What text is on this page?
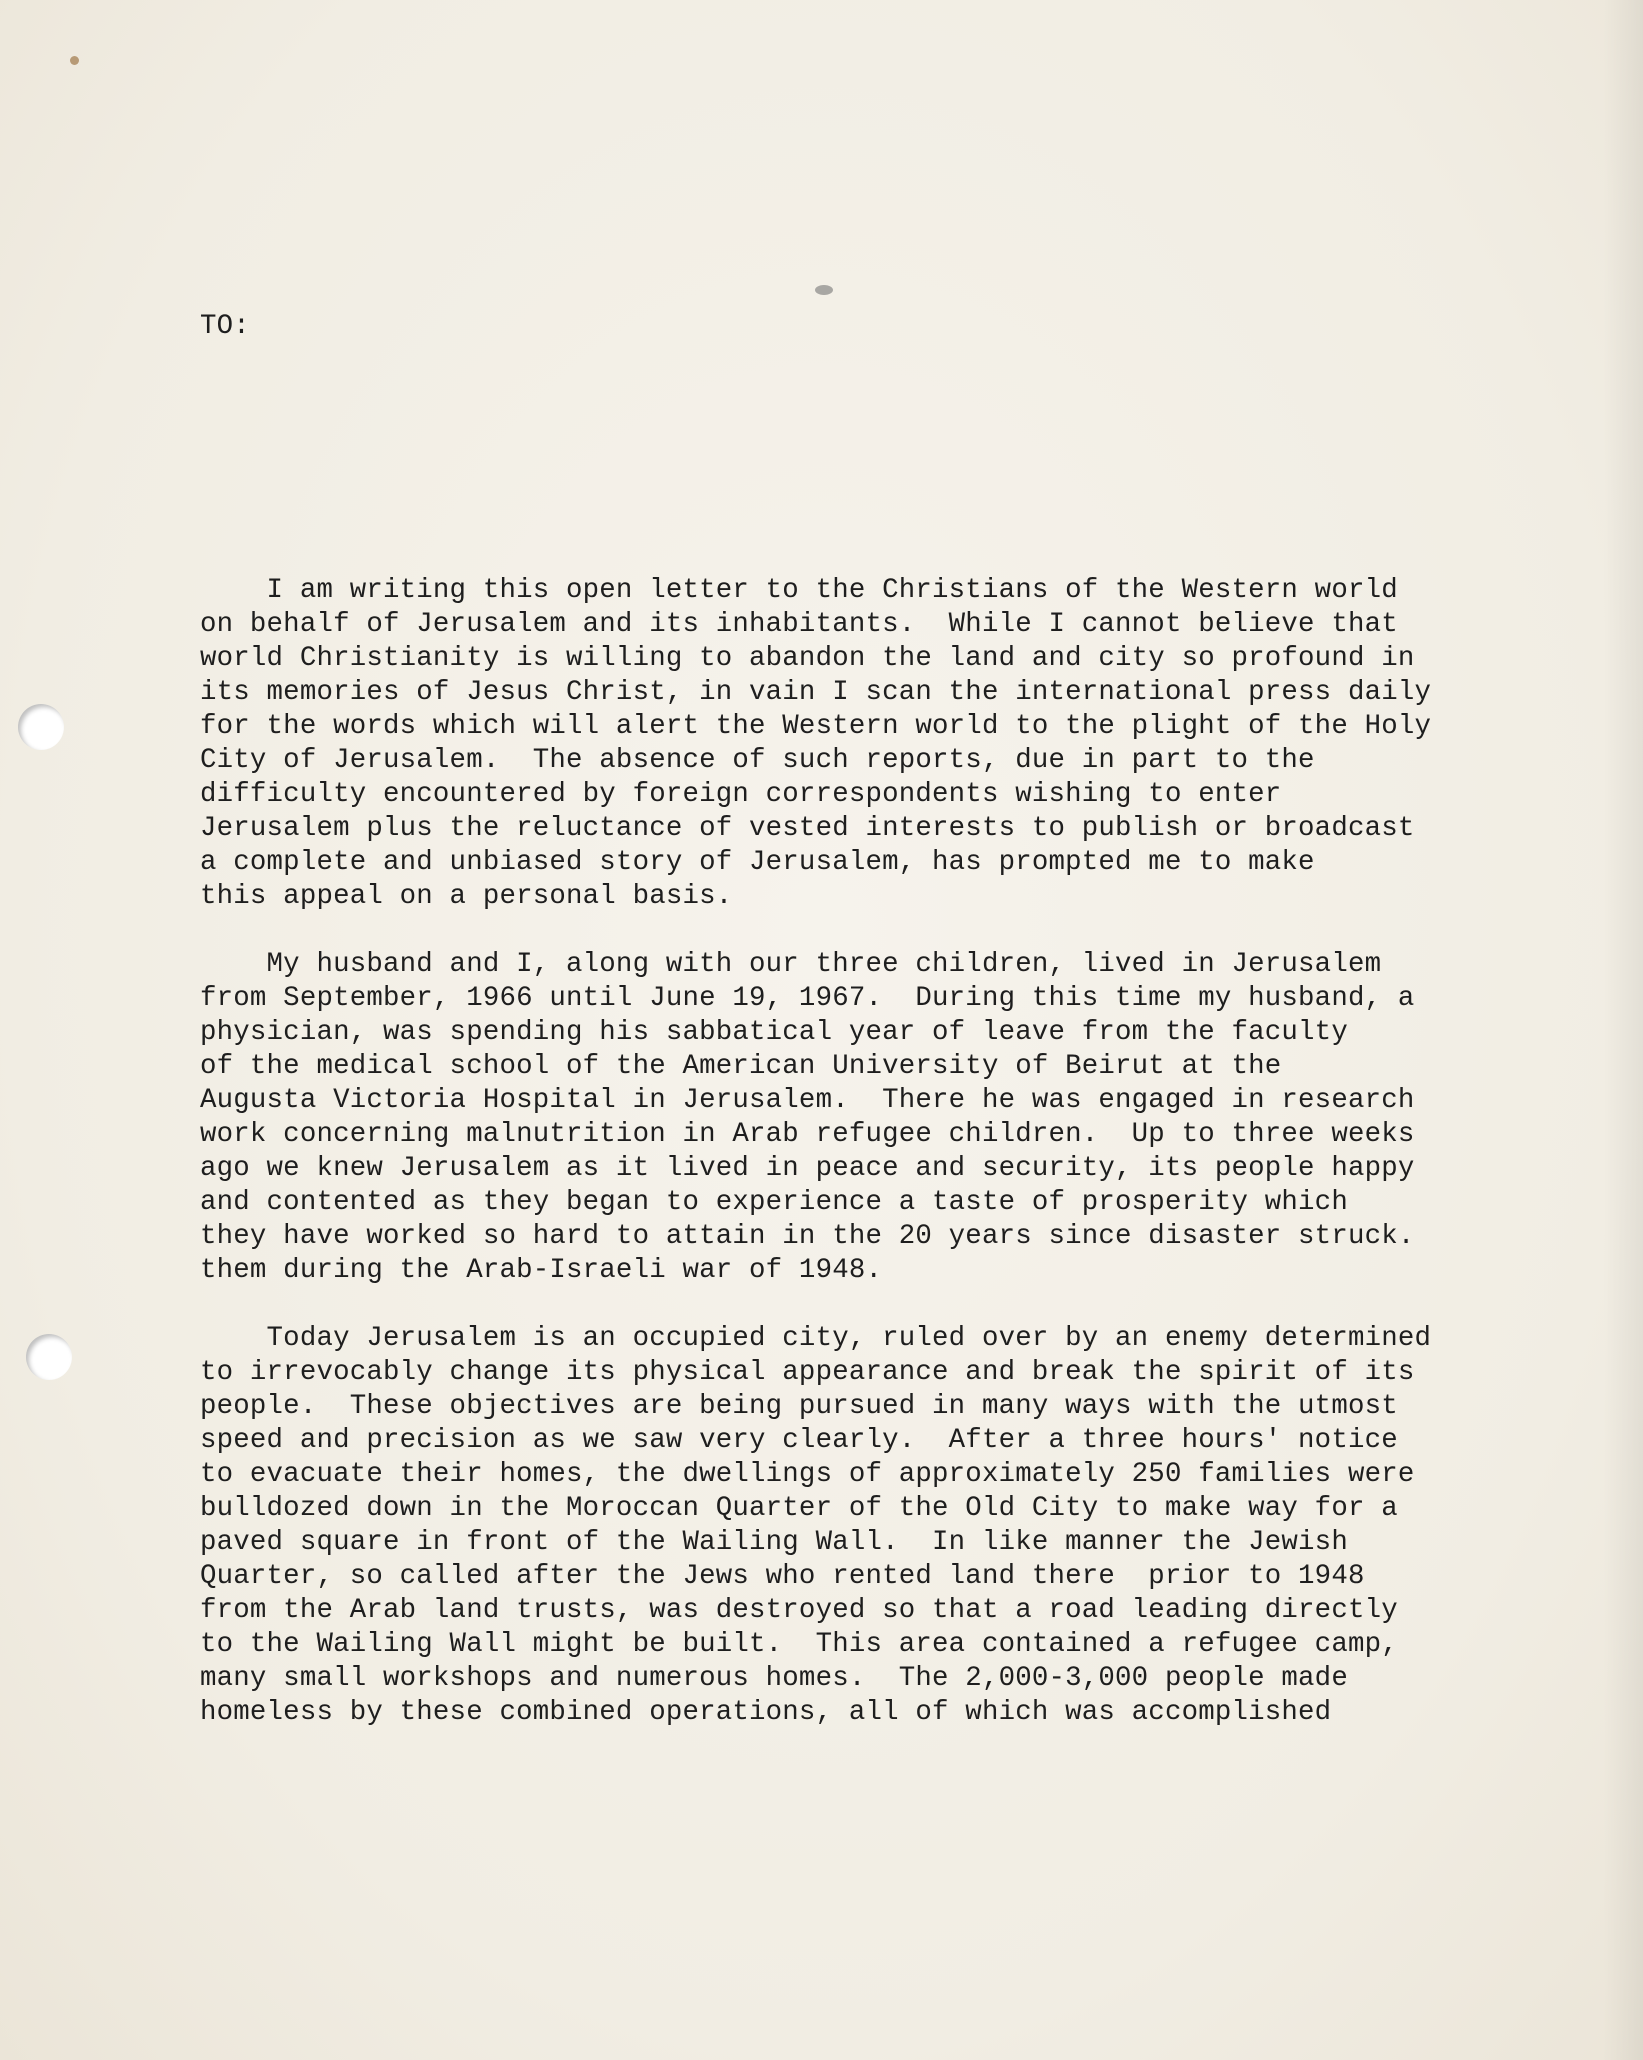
TO:
I am writing this open letter to the Christians of the Western world
on behalf of Jerusalem and its inhabitants.  While I cannot believe that
world Christianity is willing to abandon the land and city so profound in
its memories of Jesus Christ, in vain I scan the international press daily
for the words which will alert the Western world to the plight of the Holy
City of Jerusalem.  The absence of such reports, due in part to the
difficulty encountered by foreign correspondents wishing to enter
Jerusalem plus the reluctance of vested interests to publish or broadcast
a complete and unbiased story of Jerusalem, has prompted me to make
this appeal on a personal basis.
My husband and I, along with our three children, lived in Jerusalem
from September, 1966 until June 19, 1967.  During this time my husband, a
physician, was spending his sabbatical year of leave from the faculty
of the medical school of the American University of Beirut at the
Augusta Victoria Hospital in Jerusalem.  There he was engaged in research
work concerning malnutrition in Arab refugee children.  Up to three weeks
ago we knew Jerusalem as it lived in peace and security, its people happy
and contented as they began to experience a taste of prosperity which
they have worked so hard to attain in the 20 years since disaster struck.
them during the Arab-Israeli war of 1948.
Today Jerusalem is an occupied city, ruled over by an enemy determined
to irrevocably change its physical appearance and break the spirit of its
people.  These objectives are being pursued in many ways with the utmost
speed and precision as we saw very clearly.  After a three hours' notice
to evacuate their homes, the dwellings of approximately 250 families were
bulldozed down in the Moroccan Quarter of the Old City to make way for a
paved square in front of the Wailing Wall.  In like manner the Jewish
Quarter, so called after the Jews who rented land there  prior to 1948
from the Arab land trusts, was destroyed so that a road leading directly
to the Wailing Wall might be built.  This area contained a refugee camp,
many small workshops and numerous homes.  The 2,000-3,000 people made
homeless by these combined operations, all of which was accomplished
